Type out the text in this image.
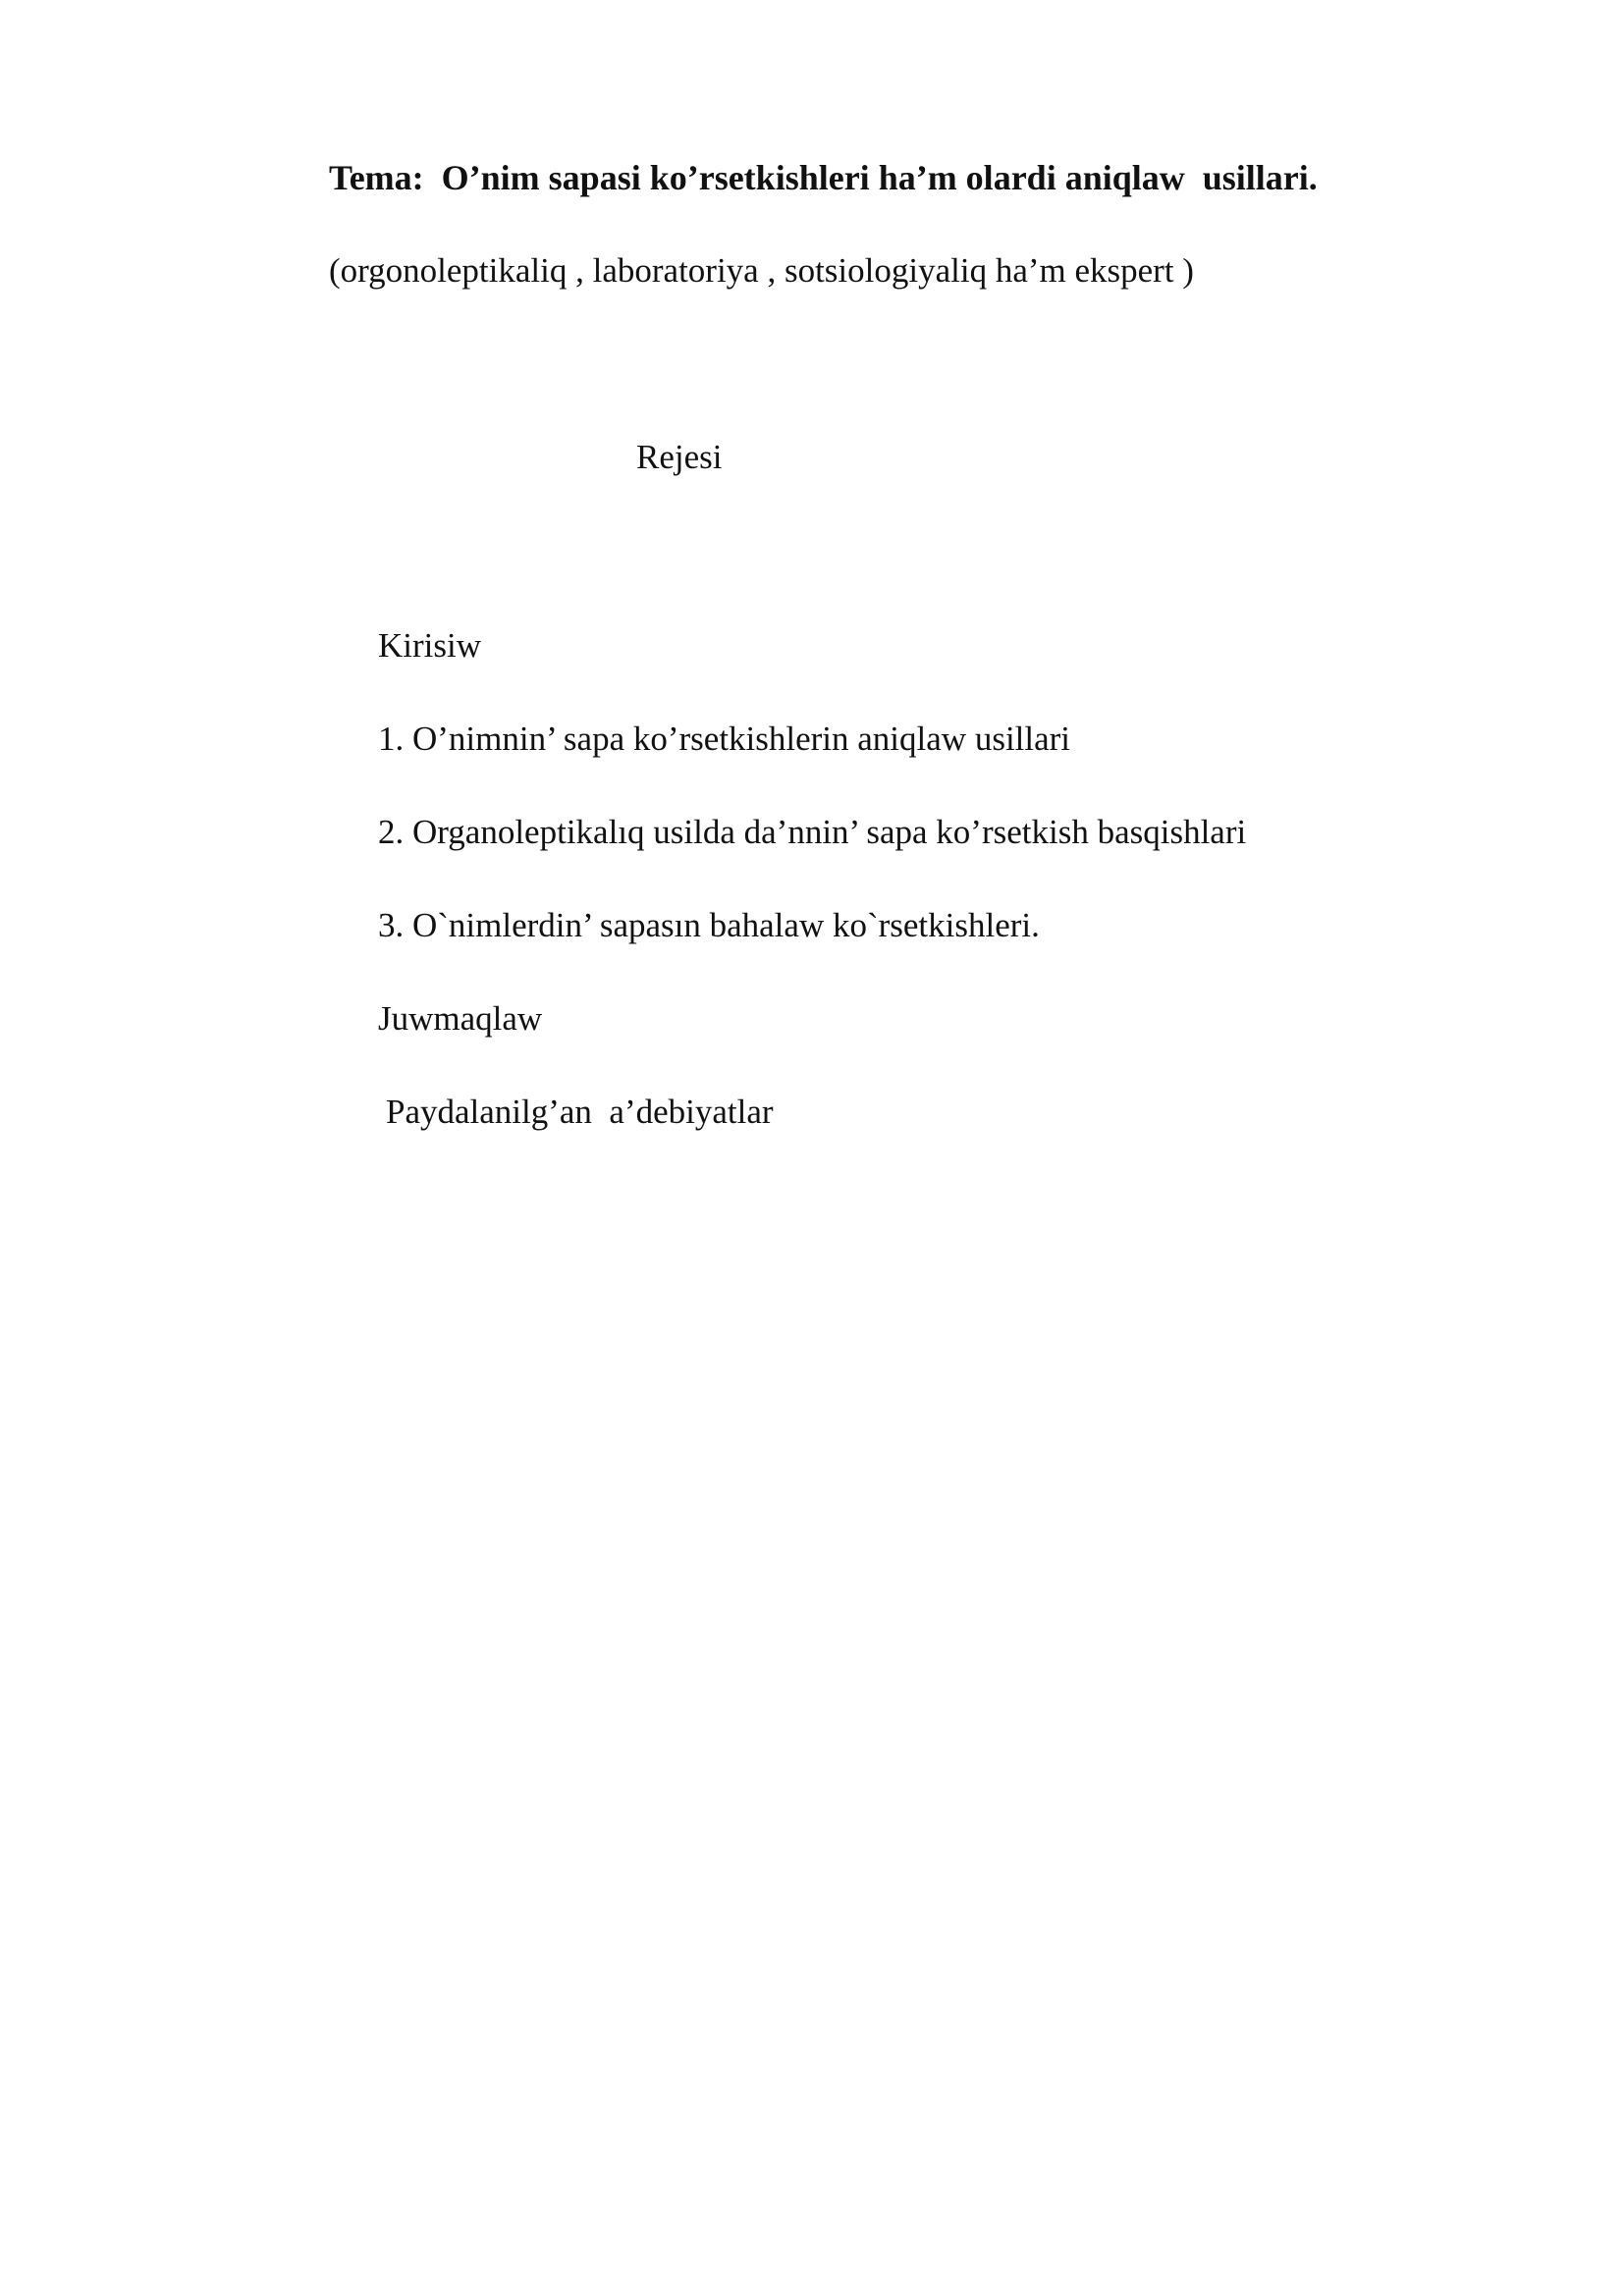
Tema:  O’nim sapasi ko’rsetkishleri ha’m olardi aniqlaw  usillari.
(orgonoleptikaliq , laboratoriya , sotsiologiyaliq ha’m ekspert )
Rejesi
Kirisiw
1. O’nimnin’ sapa ko’rsetkishlerin aniqlaw usillari
2. Organoleptikalıq usilda da’nnin’ sapa ko’rsetkish basqishlari
3. O`nimlerdin’ sapasın bahalaw ko`rsetkishleri.
Juwmaqlaw
Paydalanilg’an  a’debiyatlar
